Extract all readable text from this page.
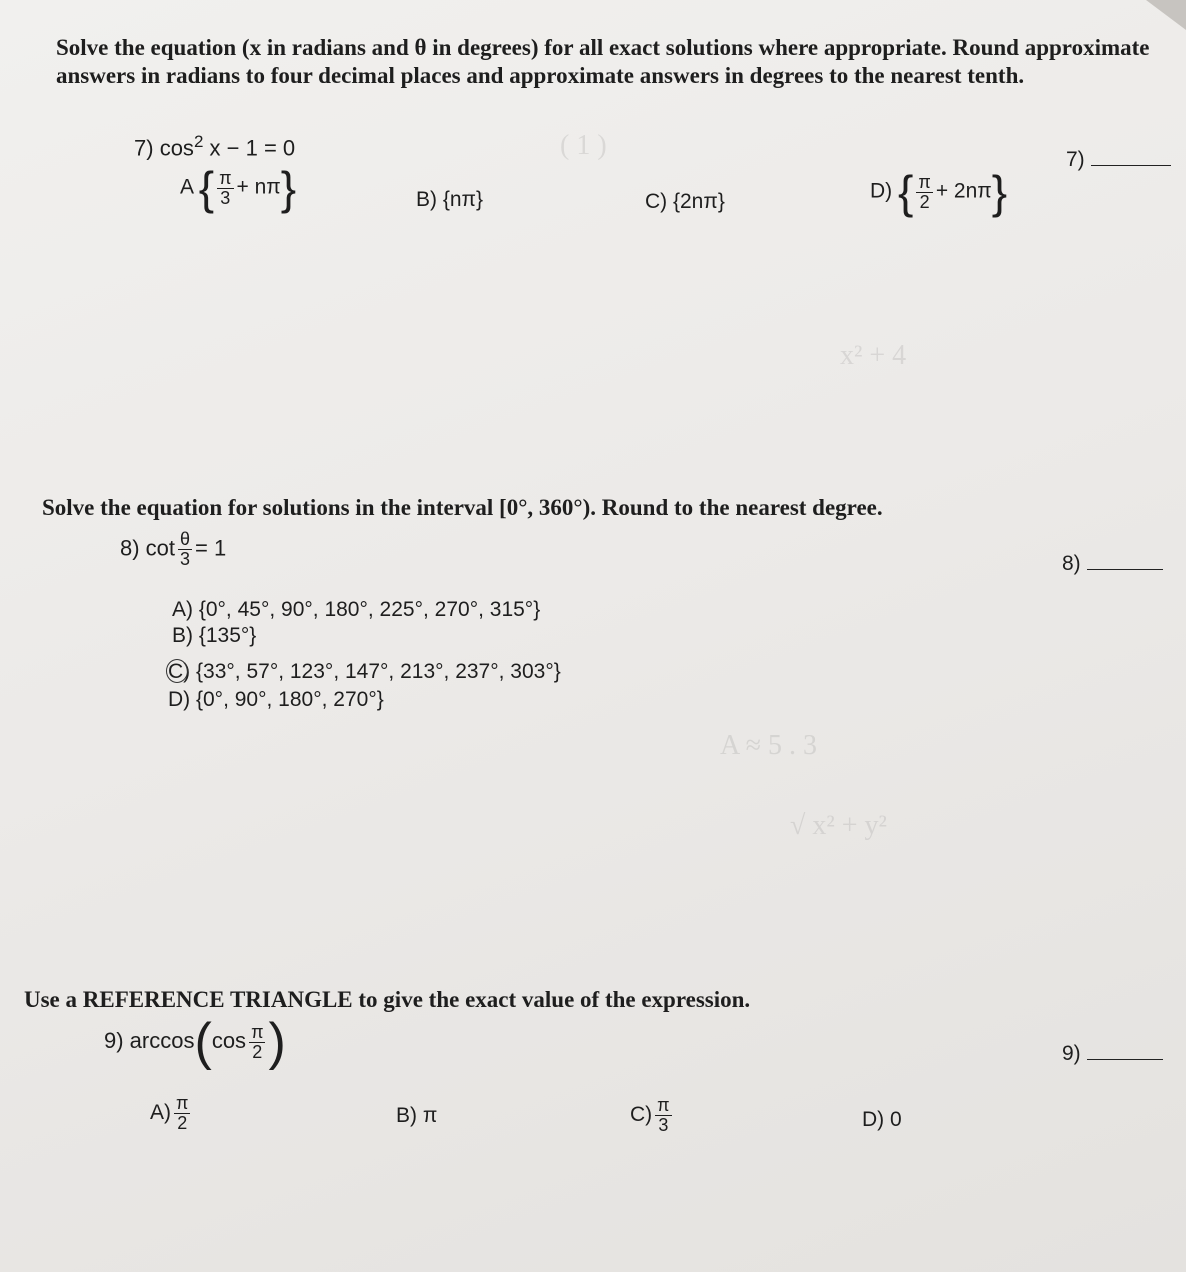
( 1 )
x² + 4
A ≈ 5 . 3
√ x² + y²
Solve the equation (x in radians and θ in degrees) for all exact solutions where appropriate. Round approximate answers in radians to four decimal places and approximate answers in degrees to the nearest tenth.
7) $\cos^2 x - 1 = 0$	7)
A { $\frac{\pi}{3} + n\pi$}	B) {nπ}	C) {2nπ}	D) { $\frac{\pi}{2} + 2n\pi$}
Solve the equation for solutions in the interval [0°, 360°). Round to the nearest degree.
8) $\cot \frac{\theta}{3} = 1$
8)
A) {0°, 45°, 90°, 180°, 225°, 270°, 315°}
B) {135°}
C) {33°, 57°, 123°, 147°, 213°, 237°, 303°}
D) {0°, 90°, 180°, 270°}
Use a REFERENCE TRIANGLE to give the exact value of the expression.
9) $\arccos(\cos \frac{\pi}{2}$ )	9)
$A) \frac{\pi}{2}$	B) π	$C) \frac{\pi}{3}$	D) 0
